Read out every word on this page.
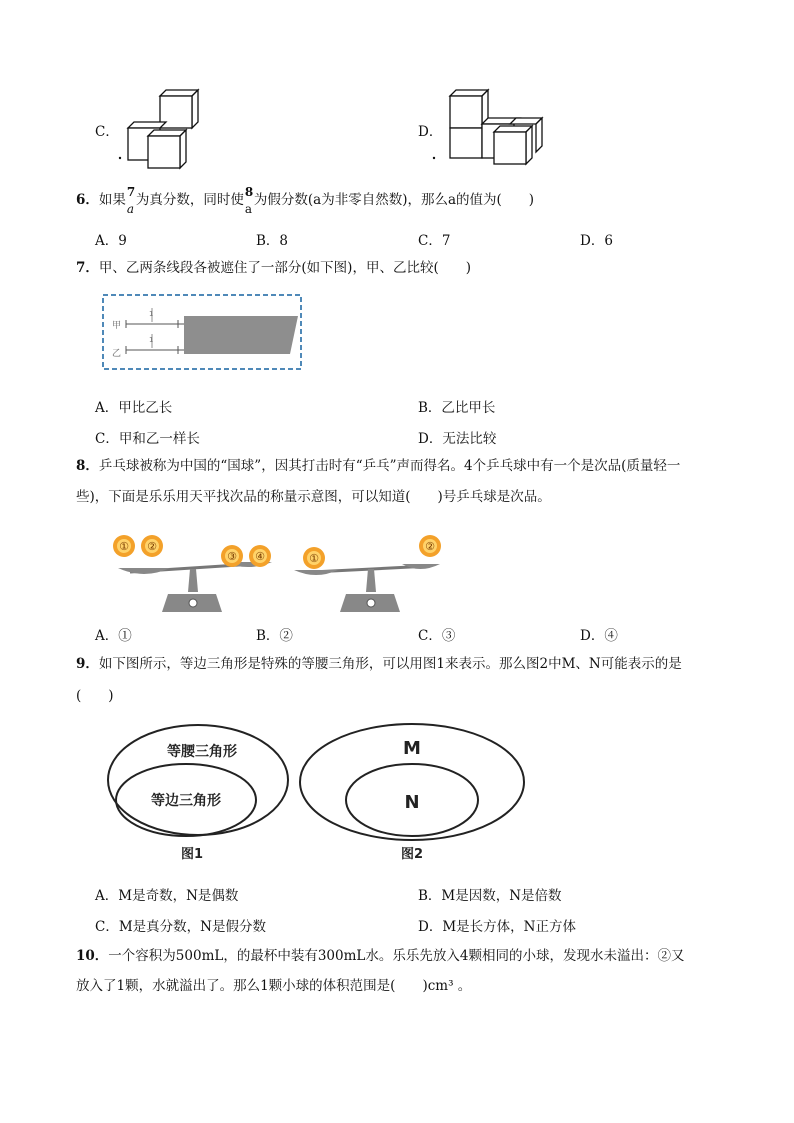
C．	D．
6．如果 7
a
为真分数，同时使 8
a
为假分数(a为非零自然数)，那么a的值为(　　)
A．9	B．8	C．7	D．6
7．甲、乙两条线段各被遮住了一部分(如下图)，甲、乙比较(　　)
甲
乙
1
1
A．甲比乙长	B．乙比甲长
C．甲和乙一样长	D．无法比较
8．乒乓球被称为中国的“国球”，因其打击时有“乒乓”声而得名。4个乒乓球中有一个是次品(质量轻一
些)，下面是乐乐用天平找次品的称量示意图，可以知道(　　)号乒乓球是次品。
① ②
③ ④	①
②
A．①	B．②	C．③	D．④
9．如下图所示，等边三角形是特殊的等腰三角形，可以用图1来表示。那么图2中M、N可能表示的是
(　　)
等腰三角形
等边三角形
图1
M
N
图2
A．M是奇数，N是偶数	B．M是因数，N是倍数
C．M是真分数，N是假分数	D．M是长方体，N正方体
10．一个容积为500mL，的最杯中装有300mL水。乐乐先放入4颗相同的小球，发现水未溢出：②又
放入了1颗，水就溢出了。那么1颗小球的体积范围是(　　)cm³ 。
